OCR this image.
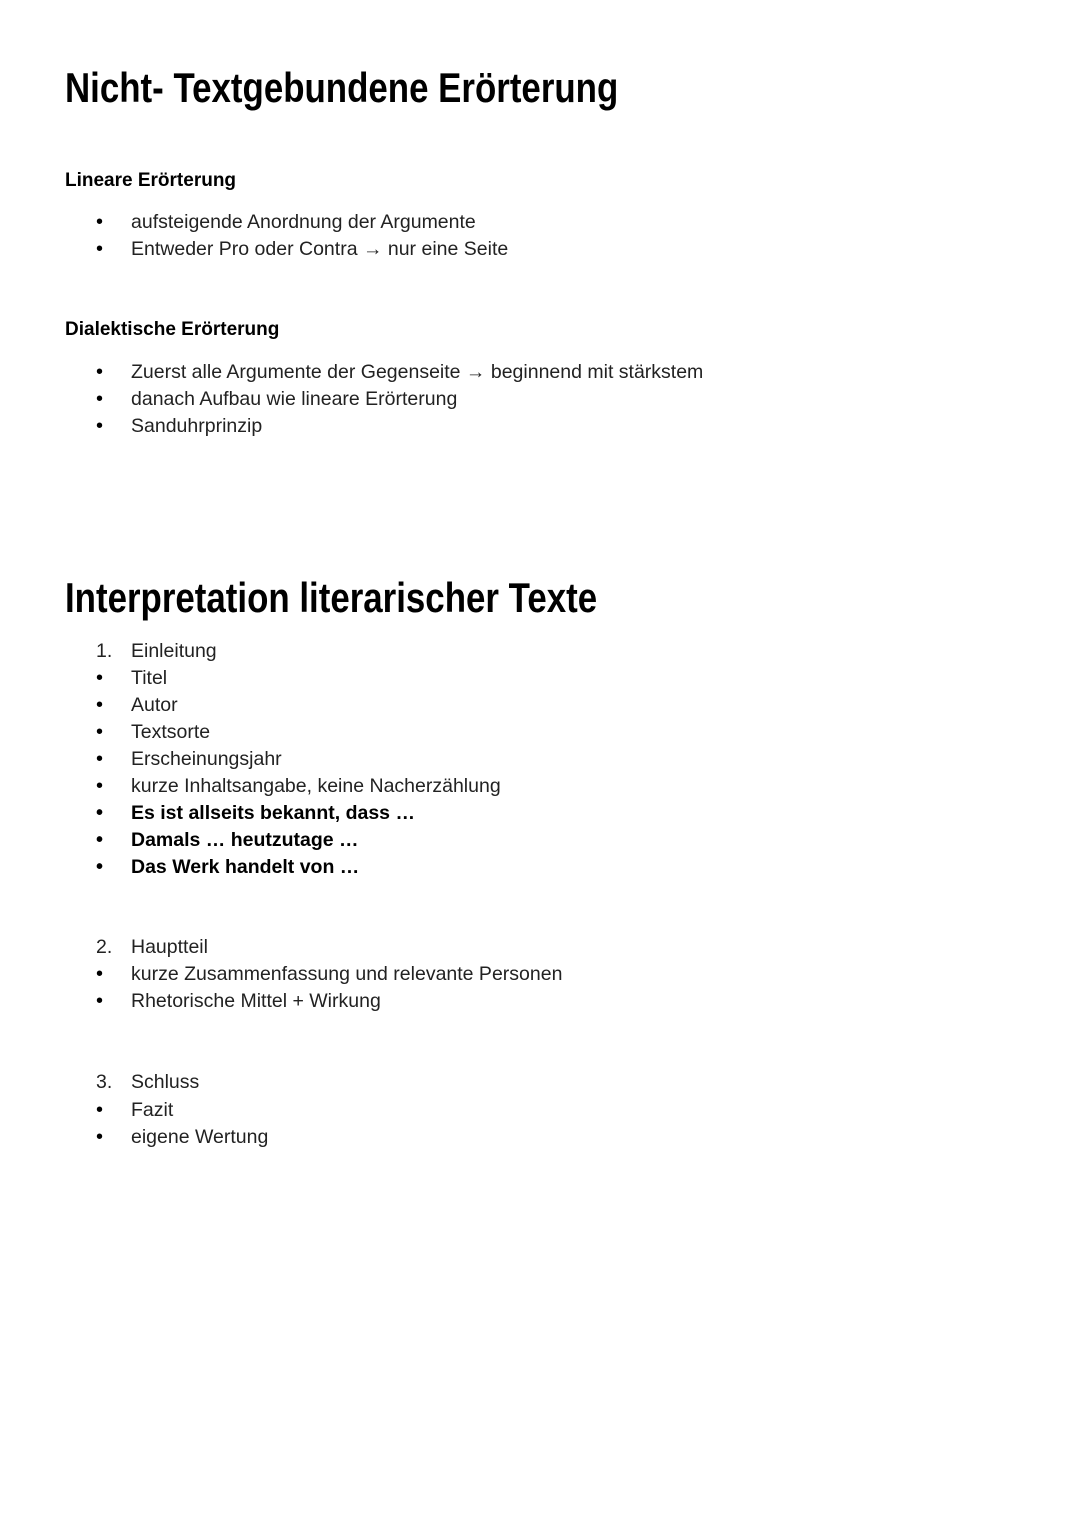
Nicht- Textgebundene Erörterung
Lineare Erörterung
• aufsteigende Anordnung der Argumente
• Entweder Pro oder Contra → nur eine Seite
Dialektische Erörterung
• Zuerst alle Argumente der Gegenseite → beginnend mit stärkstem
• danach Aufbau wie lineare Erörterung
• Sanduhrprinzip
Interpretation literarischer Texte
1. Einleitung
• Titel
• Autor
• Textsorte
• Erscheinungsjahr
• kurze Inhaltsangabe, keine Nacherzählung
• Es ist allseits bekannt, dass …
• Damals … heutzutage …
• Das Werk handelt von …
2. Hauptteil
• kurze Zusammenfassung und relevante Personen
• Rhetorische Mittel + Wirkung
3. Schluss
• Fazit
• eigene Wertung
